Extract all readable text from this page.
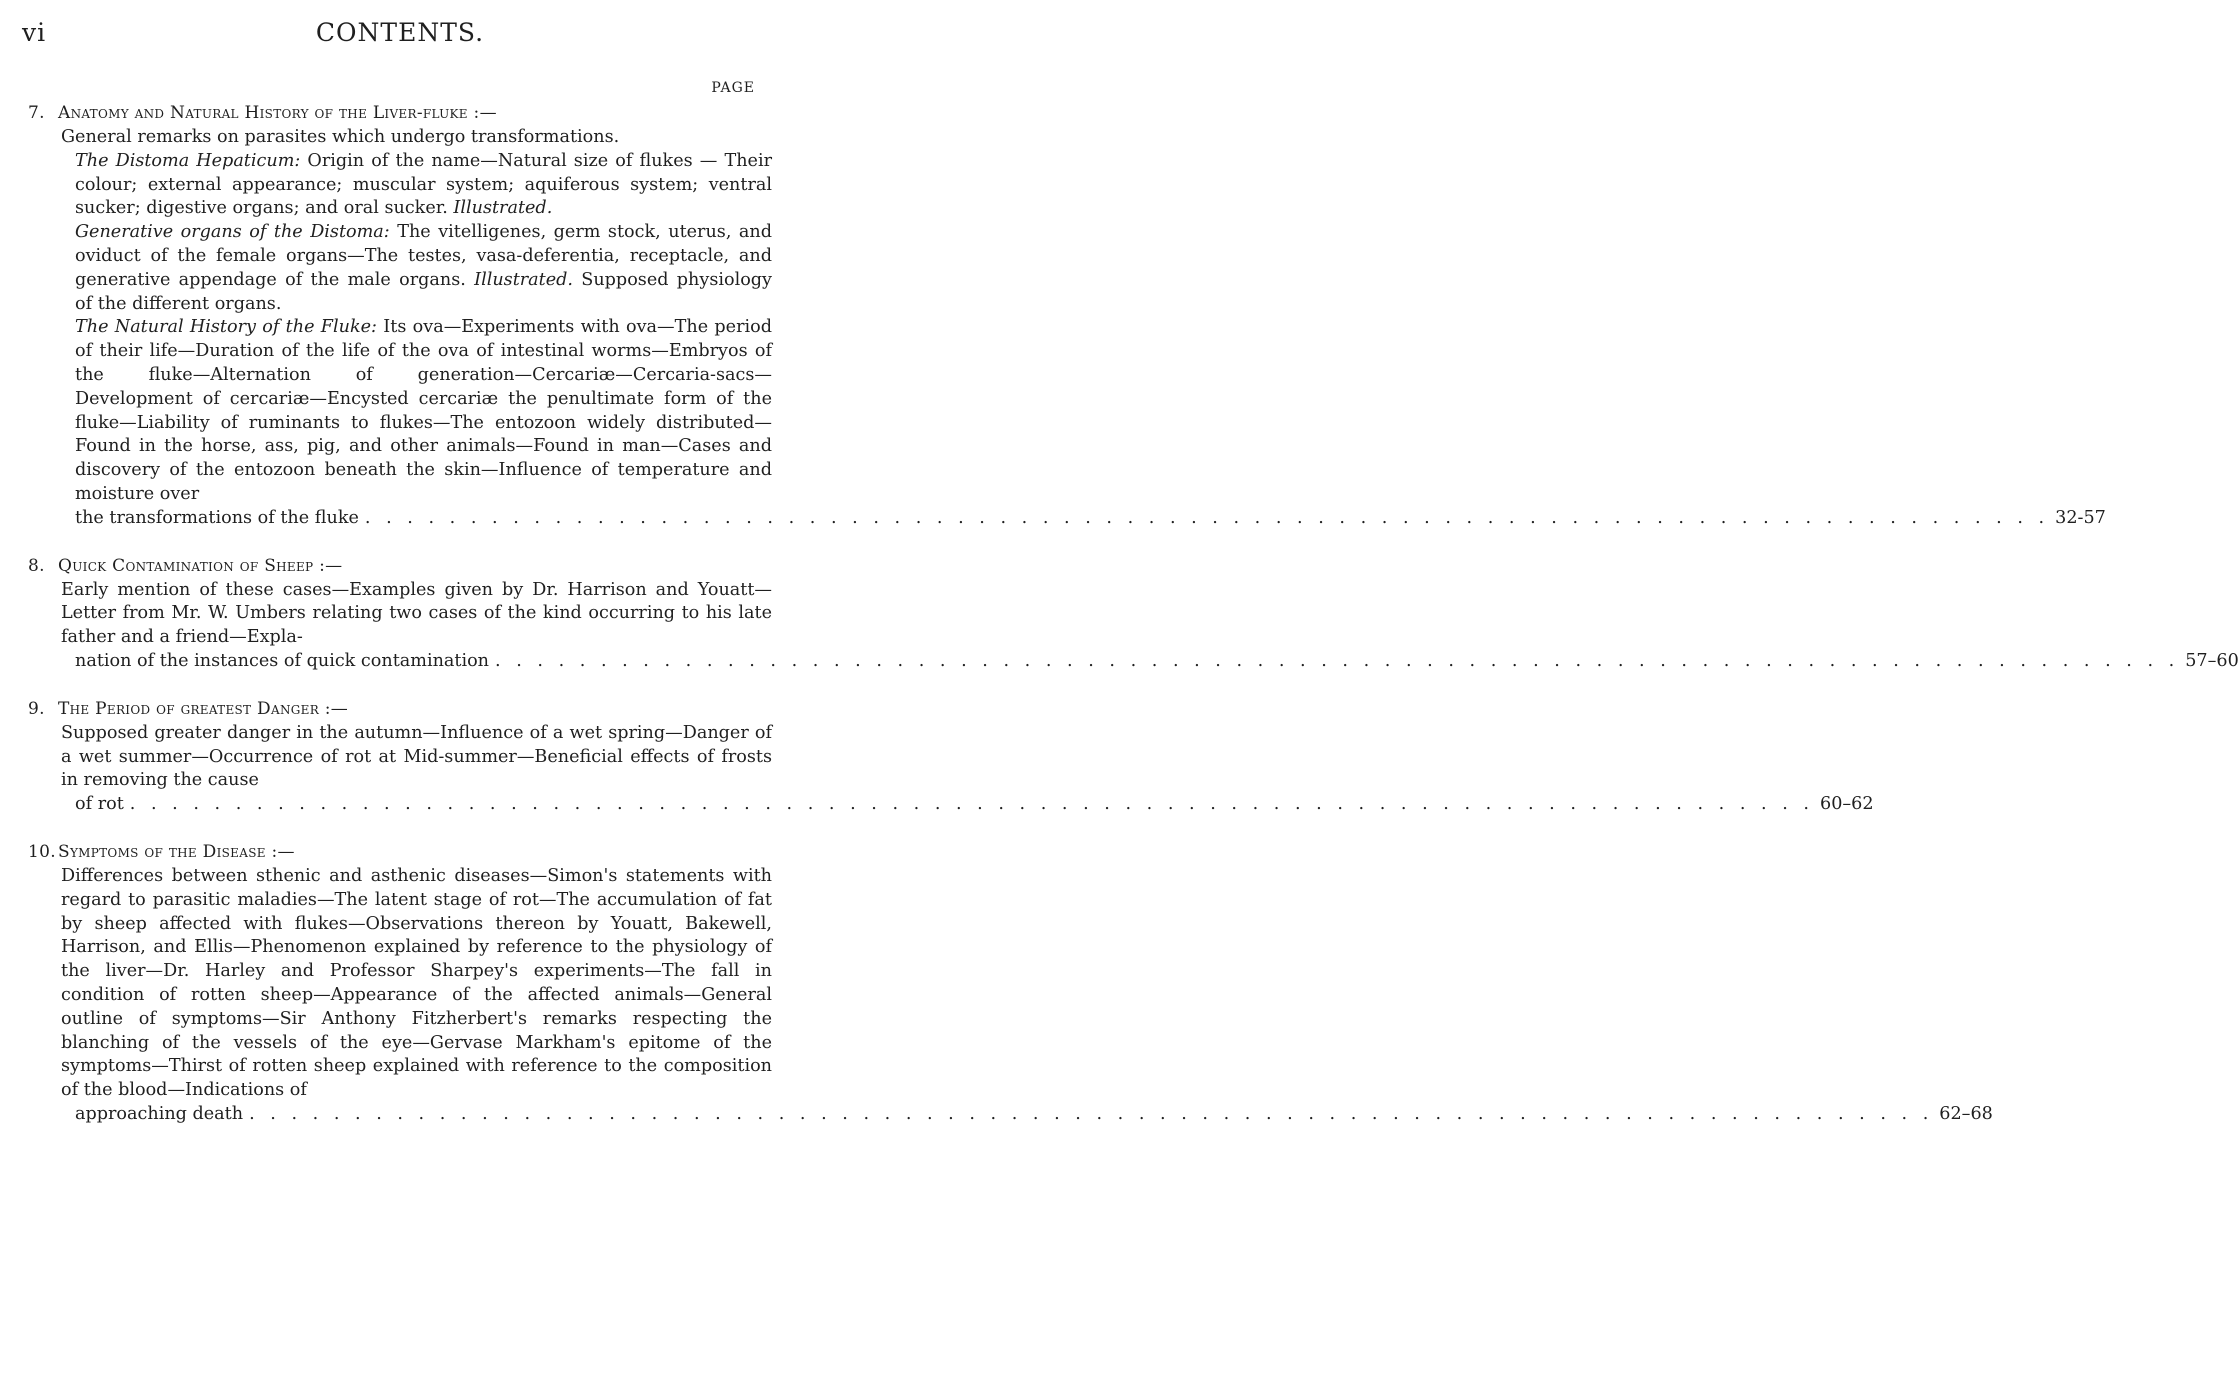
vi	CONTENTS.
PAGE
7. Anatomy and Natural History of the Liver-fluke :—

General remarks on parasites which undergo transformations.

The Distoma Hepaticum: Origin of the name—Natural size of flukes — Their colour; external appearance; muscular system; aquiferous system; ventral sucker; digestive organs; and oral sucker. Illustrated.

Generative organs of the Distoma: The vitelligenes, germ stock, uterus, and oviduct of the female organs—The testes, vasa-deferentia, receptacle, and generative appendage of the male organs. Illustrated. Supposed physiology of the different organs.

The Natural History of the Fluke: Its ova—Experiments with ova—The period of their life—Duration of the life of the ova of intestinal worms—Embryos of the fluke—Alternation of generation—Cercariæ—Cercaria-sacs—Development of cercariæ—Encysted cercariæ the penultimate form of the fluke—Liability of ruminants to flukes—The entozoon widely distributed—Found in the horse, ass, pig, and other animals—Found in man—Cases and discovery of the entozoon beneath the skin—Influence of temperature and moisture over

the transformations of the fluke . . . . . . . . . . . . . . . . . . . . . . . . . . . . . . . . . . . . . . . . . . . . . . . . . . . . . . . . . . . . . . . . . . . . . . . . . . . . . . . . 32-57
8. Quick Contamination of Sheep :—

Early mention of these cases—Examples given by Dr. Harrison and Youatt—Letter from Mr. W. Umbers relating two cases of the kind occurring to his late father and a friend—Expla-

nation of the instances of quick contamination . . . . . . . . . . . . . . . . . . . . . . . . . . . . . . . . . . . . . . . . . . . . . . . . . . . . . . . . . . . . . . . . . . . . . . . . . . . . . . . . 57–60
9. The Period of greatest Danger :—

Supposed greater danger in the autumn—Influence of a wet spring—Danger of a wet summer—Occurrence of rot at Mid-summer—Beneficial effects of frosts in removing the cause

of rot . . . . . . . . . . . . . . . . . . . . . . . . . . . . . . . . . . . . . . . . . . . . . . . . . . . . . . . . . . . . . . . . . . . . . . . . . . . . . . . . 60–62
10. Symptoms of the Disease :—

Differences between sthenic and asthenic diseases—Simon's statements with regard to parasitic maladies—The latent stage of rot—The accumulation of fat by sheep affected with flukes—Observations thereon by Youatt, Bakewell, Harrison, and Ellis—Phenomenon explained by reference to the physiology of the liver—Dr. Harley and Professor Sharpey's experiments—The fall in condition of rotten sheep—Appearance of the affected animals—General outline of symptoms—Sir Anthony Fitzherbert's remarks respecting the blanching of the vessels of the eye—Gervase Markham's epitome of the symptoms—Thirst of rotten sheep explained with reference to the composition of the blood—Indications of

approaching death . . . . . . . . . . . . . . . . . . . . . . . . . . . . . . . . . . . . . . . . . . . . . . . . . . . . . . . . . . . . . . . . . . . . . . . . . . . . . . . . 62–68
